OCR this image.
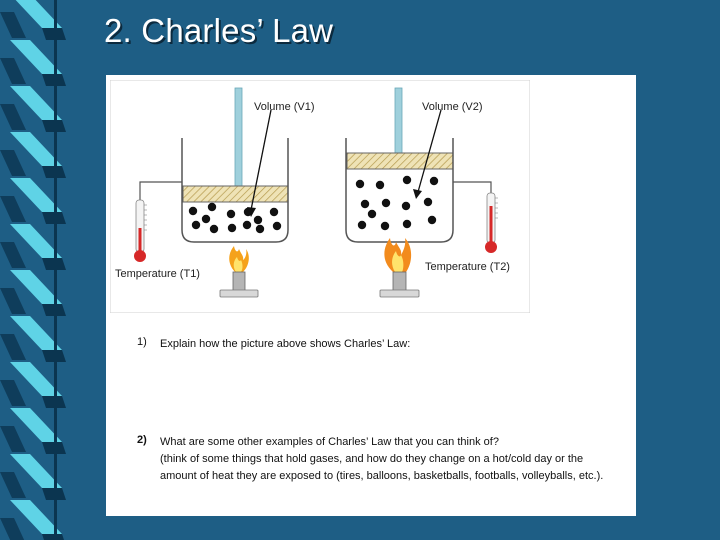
2. Charles’ Law
Volume (V1)	Volume (V2)
Temperature (T1)
Temperature (T2)
1) Explain how the picture above shows Charles’ Law:
2) What are some other examples of Charles’ Law that you can think of?
(think of some things that hold gases, and how do they change on a hot/cold day or the amount of heat they are exposed to (tires, balloons, basketballs, footballs, volleyballs, etc.).
